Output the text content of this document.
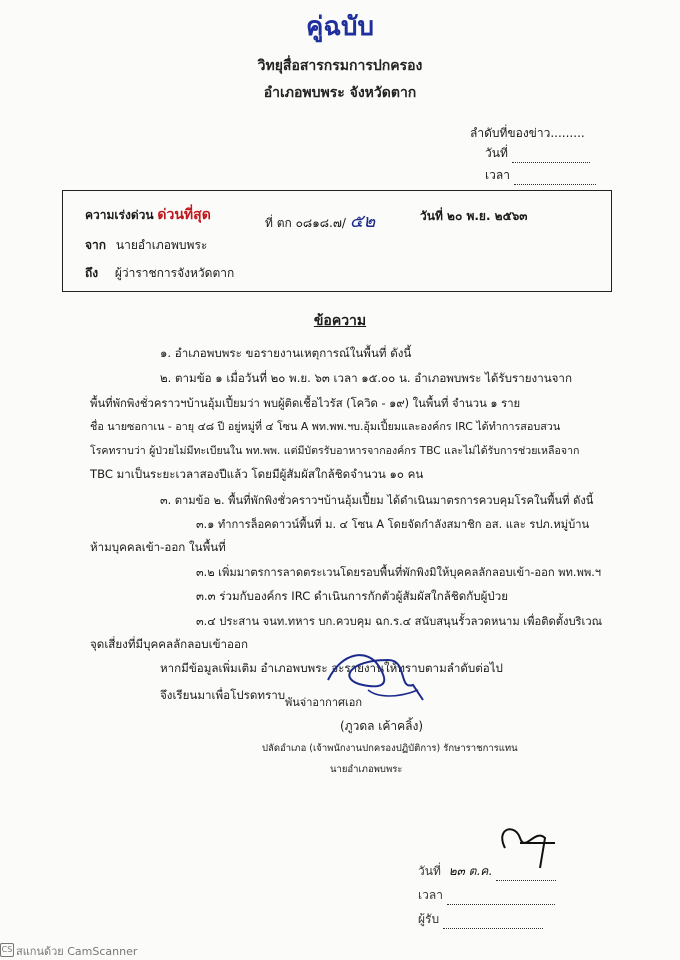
คู่ฉบับ
วิทยุสื่อสารกรมการปกครอง
อำเภอพบพระ จังหวัดตาก
ลำดับที่ของข่าว.........
วันที่
เวลา
ความเร่งด่วน ด่วนที่สุด	ที่ ตก ๐๘๑๘.๗/ ๕๒	วันที่ ๒๐ พ.ย. ๒๕๖๓
จาก นายอำเภอพบพระ
ถึง ผู้ว่าราชการจังหวัดตาก
ข้อความ
๑. อำเภอพบพระ ขอรายงานเหตุการณ์ในพื้นที่ ดังนี้
๒. ตามข้อ ๑ เมื่อวันที่ ๒๐ พ.ย. ๖๓ เวลา ๑๕.๐๐ น. อำเภอพบพระ ได้รับรายงานจาก
พื้นที่พักพิงชั่วคราวฯบ้านอุ้มเปี้ยมว่า พบผู้ติดเชื้อไวรัส (โควิด - ๑๙) ในพื้นที่ จำนวน ๑ ราย
ชื่อ นายซอกาเน - อายุ ๔๘ ปี อยู่หมู่ที่ ๔ โซน A พท.พพ.ฯบ.อุ้มเปี้ยมและองค์กร IRC ได้ทำการสอบสวน
โรคทราบว่า ผู้ป่วยไม่มีทะเบียนใน พท.พพ. แต่มีบัตรรับอาหารจากองค์กร TBC และไม่ได้รับการช่วยเหลือจาก
TBC มาเป็นระยะเวลาสองปีแล้ว โดยมีผู้สัมผัสใกล้ชิดจำนวน ๑๐ คน
๓. ตามข้อ ๒. พื้นที่พักพิงชั่วคราวฯบ้านอุ้มเปี้ยม ได้ดำเนินมาตรการควบคุมโรคในพื้นที่ ดังนี้
๓.๑ ทำการล็อคดาวน์พื้นที่ ม. ๔ โซน A โดยจัดกำลังสมาชิก อส. และ รปภ.หมู่บ้าน
ห้ามบุคคลเข้า-ออก ในพื้นที่
๓.๒ เพิ่มมาตรการลาดตระเวนโดยรอบพื้นที่พักพิงมิให้บุคคลลักลอบเข้า-ออก พท.พพ.ฯ
๓.๓ ร่วมกับองค์กร IRC ดำเนินการกักตัวผู้สัมผัสใกล้ชิดกับผู้ป่วย
๓.๔ ประสาน จนท.ทหาร บก.ควบคุม ฉก.ร.๔ สนับสนุนรั้วลวดหนาม เพื่อติดตั้งบริเวณ
จุดเสี่ยงที่มีบุคคลลักลอบเข้าออก
หากมีข้อมูลเพิ่มเติม อำเภอพบพระ จะรายงานให้ทราบตามลำดับต่อไป
จึงเรียนมาเพื่อโปรดทราบ
พันจ่าอากาศเอก
(ภูวดล เค้าคลิ้ง)
ปลัดอำเภอ (เจ้าพนักงานปกครองปฏิบัติการ) รักษาราชการแทน
นายอำเภอพบพระ
วันที่ ๒๓ ต.ค.
เวลา
ผู้รับ
CS สแกนด้วย CamScanner
